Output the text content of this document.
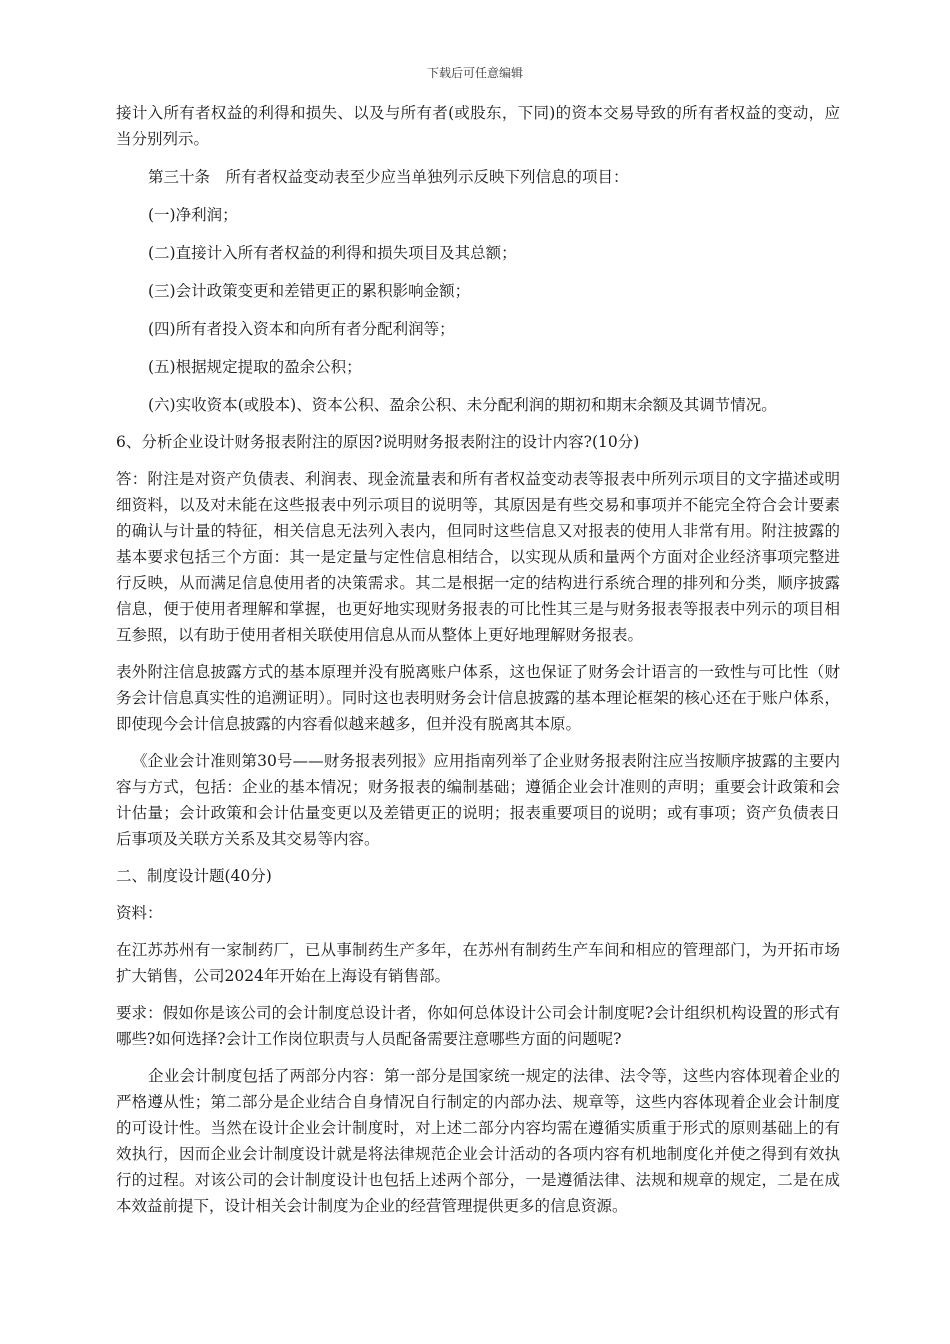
下载后可任意编辑

接计入所有者权益的利得和损失、以及与所有者(或股东，下同)的资本交易导致的所有者权益的变动，应当分别列示。

第三十条　所有者权益变动表至少应当单独列示反映下列信息的项目：

(一)净利润；

(二)直接计入所有者权益的利得和损失项目及其总额；

(三)会计政策变更和差错更正的累积影响金额；

(四)所有者投入资本和向所有者分配利润等；

(五)根据规定提取的盈余公积；

(六)实收资本(或股本)、资本公积、盈余公积、未分配利润的期初和期末余额及其调节情况。

6、分析企业设计财务报表附注的原因?说明财务报表附注的设计内容?(10分)

答：附注是对资产负债表、利润表、现金流量表和所有者权益变动表等报表中所列示项目的文字描述或明细资料，以及对未能在这些报表中列示项目的说明等，其原因是有些交易和事项并不能完全符合会计要素的确认与计量的特征，相关信息无法列入表内，但同时这些信息又对报表的使用人非常有用。附注披露的基本要求包括三个方面：其一是定量与定性信息相结合，以实现从质和量两个方面对企业经济事项完整进行反映，从而满足信息使用者的决策需求。其二是根据一定的结构进行系统合理的排列和分类，顺序披露信息，便于使用者理解和掌握，也更好地实现财务报表的可比性其三是与财务报表等报表中列示的项目相互参照，以有助于使用者相关联使用信息从而从整体上更好地理解财务报表。

表外附注信息披露方式的基本原理并没有脱离账户体系，这也保证了财务会计语言的一致性与可比性（财务会计信息真实性的追溯证明）。同时这也表明财务会计信息披露的基本理论框架的核心还在于账户体系，即使现今会计信息披露的内容看似越来越多，但并没有脱离其本原。

《企业会计准则第30号——财务报表列报》应用指南列举了企业财务报表附注应当按顺序披露的主要内容与方式，包括：企业的基本情况；财务报表的编制基础；遵循企业会计准则的声明；重要会计政策和会计估量；会计政策和会计估量变更以及差错更正的说明；报表重要项目的说明；或有事项；资产负债表日后事项及关联方关系及其交易等内容。

二、制度设计题(40分)

资料：

在江苏苏州有一家制药厂，已从事制药生产多年，在苏州有制药生产车间和相应的管理部门，为开拓市场扩大销售，公司2024年开始在上海设有销售部。

要求：假如你是该公司的会计制度总设计者，你如何总体设计公司会计制度呢?会计组织机构设置的形式有哪些?如何选择?会计工作岗位职责与人员配备需要注意哪些方面的问题呢?

企业会计制度包括了两部分内容：第一部分是国家统一规定的法律、法令等，这些内容体现着企业的严格遵从性；第二部分是企业结合自身情况自行制定的内部办法、规章等，这些内容体现着企业会计制度的可设计性。当然在设计企业会计制度时，对上述二部分内容均需在遵循实质重于形式的原则基础上的有效执行，因而企业会计制度设计就是将法律规范企业会计活动的各项内容有机地制度化并使之得到有效执行的过程。对该公司的会计制度设计也包括上述两个部分，一是遵循法律、法规和规章的规定，二是在成本效益前提下，设计相关会计制度为企业的经营管理提供更多的信息资源。
